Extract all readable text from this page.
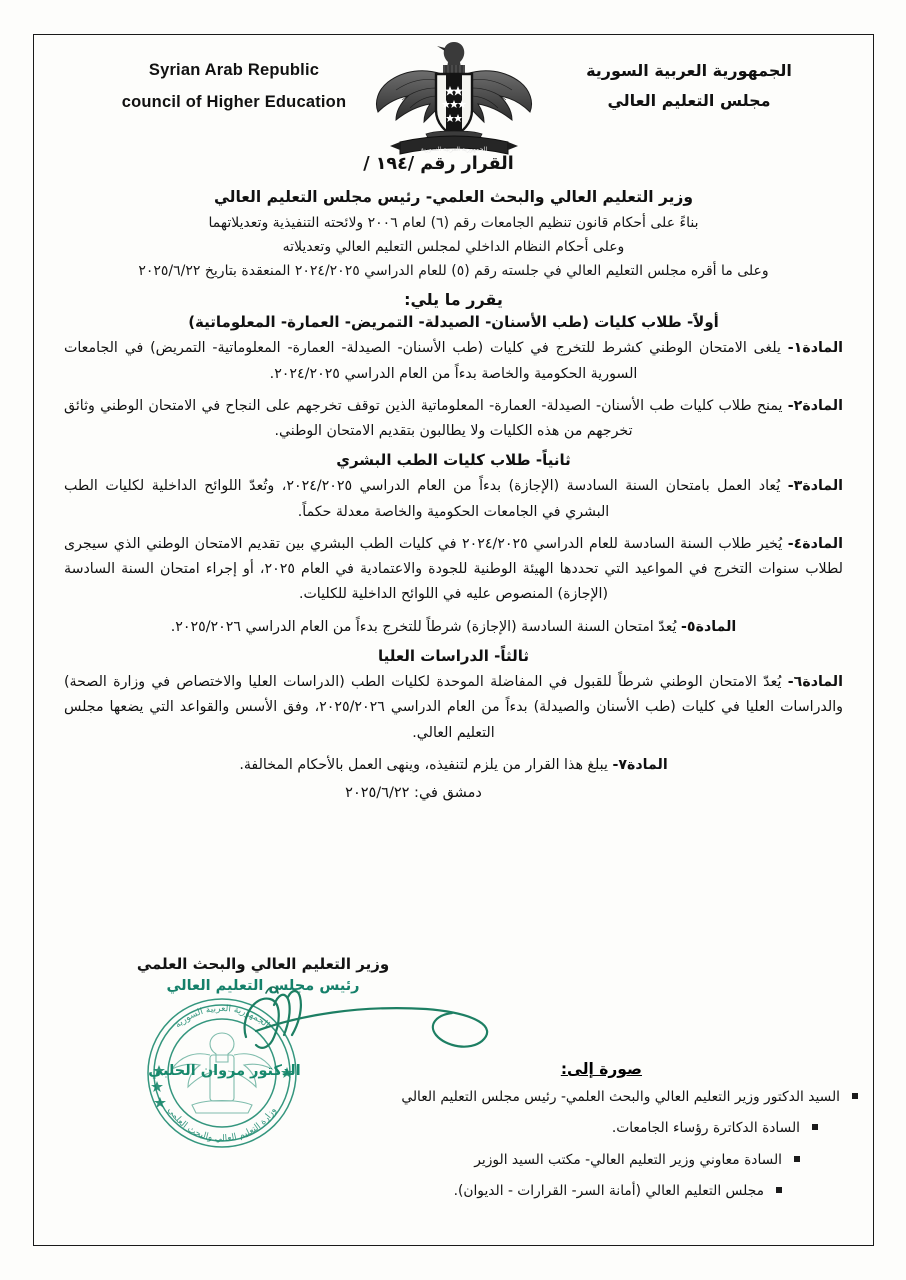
Syrian Arab Republic
council of Higher Education
الجمهورية العربية السورية
الجمهورية العربية السورية
مجلس التعليم العالي
القرار رقم /١٩٤ /
وزير التعليم العالي والبحث العلمي- رئيس مجلس التعليم العالي
بناءً على أحكام قانون تنظيم الجامعات رقم (٦) لعام ٢٠٠٦ ولائحته التنفيذية وتعديلاتهما
وعلى أحكام النظام الداخلي لمجلس التعليم العالي وتعديلاته
وعلى ما أقره مجلس التعليم العالي في جلسته رقم (٥) للعام الدراسي ٢٠٢٤/٢٠٢٥ المنعقدة بتاريخ ٢٠٢٥/٦/٢٢
يقرر ما يلي:
أولاً- طلاب كليات (طب الأسنان- الصيدلة- التمريض- العمارة- المعلوماتية)

المادة١- يلغى الامتحان الوطني كشرط للتخرج في كليات (طب الأسنان- الصيدلة- العمارة- المعلوماتية- التمريض) في الجامعات السورية الحكومية والخاصة بدءاً من العام الدراسي ٢٠٢٤/٢٠٢٥.

المادة٢- يمنح طلاب كليات طب الأسنان- الصيدلة- العمارة- المعلوماتية الذين توقف تخرجهم على النجاح في الامتحان الوطني وثائق تخرجهم من هذه الكليات ولا يطالبون بتقديم الامتحان الوطني.

ثانياً- طلاب كليات الطب البشري

المادة٣- يُعاد العمل بامتحان السنة السادسة (الإجازة) بدءاً من العام الدراسي ٢٠٢٤/٢٠٢٥، وتُعدّ اللوائح الداخلية لكليات الطب البشري في الجامعات الحكومية والخاصة معدلة حكماً.

المادة٤- يُخير طلاب السنة السادسة للعام الدراسي ٢٠٢٤/٢٠٢٥ في كليات الطب البشري بين تقديم الامتحان الوطني الذي سيجرى لطلاب سنوات التخرج في المواعيد التي تحددها الهيئة الوطنية للجودة والاعتمادية في العام ٢٠٢٥، أو إجراء امتحان السنة السادسة (الإجازة) المنصوص عليه في اللوائح الداخلية للكليات.

المادة٥- يُعدّ امتحان السنة السادسة (الإجازة) شرطاً للتخرج بدءاً من العام الدراسي ٢٠٢٥/٢٠٢٦.

ثالثاً- الدراسات العليا

المادة٦- يُعدّ الامتحان الوطني شرطاً للقبول في المفاضلة الموحدة لكليات الطب (الدراسات العليا والاختصاص في وزارة الصحة) والدراسات العليا في كليات (طب الأسنان والصيدلة) بدءاً من العام الدراسي ٢٠٢٥/٢٠٢٦، وفق الأسس والقواعد التي يضعها مجلس التعليم العالي.

المادة٧- يبلغ هذا القرار من يلزم لتنفيذه، وينهى العمل بالأحكام المخالفة.

دمشق في: ٢٠٢٥/٦/٢٢
وزير التعليم العالي والبحث العلمي
رئيس مجلس التعليم العالي
الجمهورية العربية السورية
وزارة التعليم العالي والبحث العلمي
الدكتور مروان الحلبي	صورة إلى:
السيد الدكتور وزير التعليم العالي والبحث العلمي- رئيس مجلس التعليم العالي
السادة الدكاترة رؤساء الجامعات.
السادة معاوني وزير التعليم العالي- مكتب السيد الوزير
مجلس التعليم العالي (أمانة السر- القرارات - الديوان).
